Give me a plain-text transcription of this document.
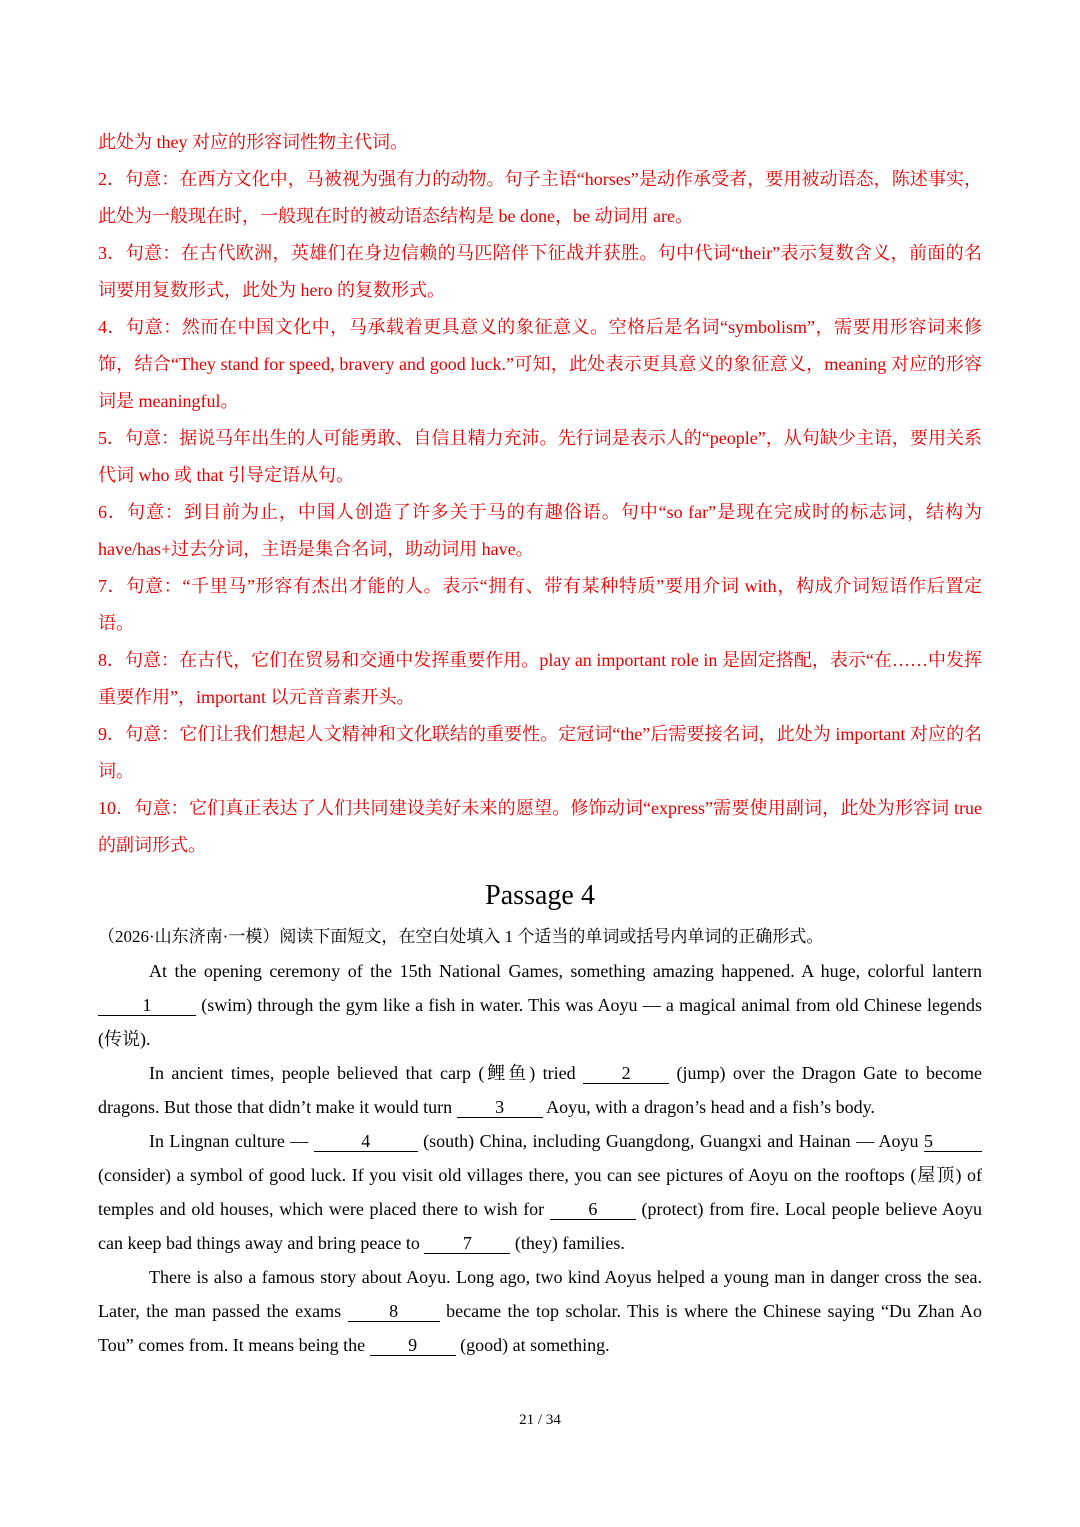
此处为 they 对应的形容词性物主代词。

2．句意：在西方文化中，马被视为强有力的动物。句子主语“horses”是动作承受者，要用被动语态，陈述事实，此处为一般现在时，一般现在时的被动语态结构是 be done，be 动词用 are。

3．句意：在古代欧洲，英雄们在身边信赖的马匹陪伴下征战并获胜。句中代词“their”表示复数含义，前面的名词要用复数形式，此处为 hero 的复数形式。

4．句意：然而在中国文化中，马承载着更具意义的象征意义。空格后是名词“symbolism”，需要用形容词来修饰，结合“They stand for speed, bravery and good luck.”可知，此处表示更具意义的象征意义，meaning 对应的形容词是 meaningful。

5．句意：据说马年出生的人可能勇敢、自信且精力充沛。先行词是表示人的“people”，从句缺少主语，要用关系代词 who 或 that 引导定语从句。

6．句意：到目前为止，中国人创造了许多关于马的有趣俗语。句中“so far”是现在完成时的标志词，结构为 have/has+过去分词，主语是集合名词，助动词用 have。

7．句意：“千里马”形容有杰出才能的人。表示“拥有、带有某种特质”要用介词 with，构成介词短语作后置定语。

8．句意：在古代，它们在贸易和交通中发挥重要作用。play an important role in 是固定搭配，表示“在……中发挥重要作用”，important 以元音音素开头。

9．句意：它们让我们想起人文精神和文化联结的重要性。定冠词“the”后需要接名词，此处为 important 对应的名词。

10．句意：它们真正表达了人们共同建设美好未来的愿望。修饰动词“express”需要使用副词，此处为形容词 true 的副词形式。

Passage 4

（2026·山东济南·一模）阅读下面短文，在空白处填入 1 个适当的单词或括号内单词的正确形式。

At the opening ceremony of the 15th National Games, something amazing happened. A huge, colorful lantern 1 (swim) through the gym like a fish in water. This was Aoyu — a magical animal from old Chinese legends (传说).

In ancient times, people believed that carp (鲤鱼) tried 2 (jump) over the Dragon Gate to become dragons. But those that didn’t make it would turn 3 Aoyu, with a dragon’s head and a fish’s body.

In Lingnan culture —	4	(south) China, including Guangdong, Guangxi and Hainan — Aoyu 5 (consider) a symbol of good luck. If you visit old villages there, you can see pictures of Aoyu on the rooftops (屋顶) of temples and old houses, which were placed there to wish for 6 (protect) from fire. Local people believe Aoyu can keep bad things away and bring peace to 7 (they) families.

There is also a famous story about Aoyu. Long ago, two kind Aoyus helped a young man in danger cross the sea. Later, the man passed the exams 8 became the top scholar. This is where the Chinese saying “Du Zhan Ao Tou” comes from. It means being the 9 (good) at something.

21 / 34
